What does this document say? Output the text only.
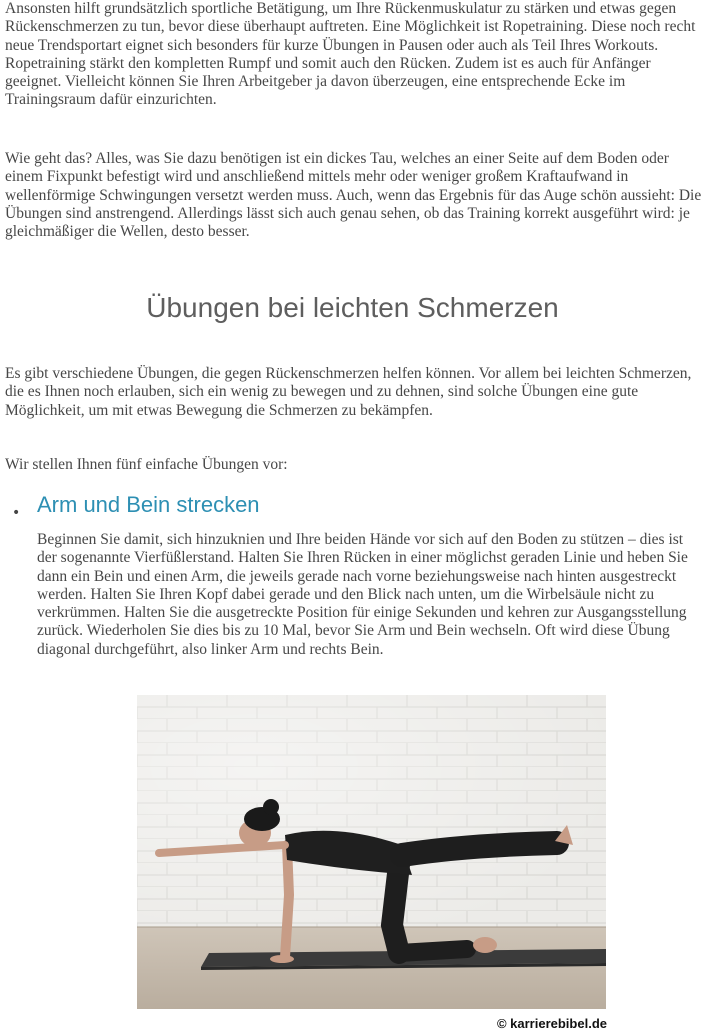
Ansonsten hilft grundsätzlich sportliche Betätigung, um Ihre Rückenmuskulatur zu stärken und etwas gegen Rückenschmerzen zu tun, bevor diese überhaupt auftreten. Eine Möglichkeit ist Ropetraining. Diese noch recht neue Trendsportart eignet sich besonders für kurze Übungen in Pausen oder auch als Teil Ihres Workouts. Ropetraining stärkt den kompletten Rumpf und somit auch den Rücken. Zudem ist es auch für Anfänger geeignet. Vielleicht können Sie Ihren Arbeitgeber ja davon überzeugen, eine entsprechende Ecke im Trainingsraum dafür einzurichten.

Wie geht das? Alles, was Sie dazu benötigen ist ein dickes Tau, welches an einer Seite auf dem Boden oder einem Fixpunkt befestigt wird und anschließend mittels mehr oder weniger großem Kraftaufwand in wellenförmige Schwingungen versetzt werden muss. Auch, wenn das Ergebnis für das Auge schön aussieht: Die Übungen sind anstrengend. Allerdings lässt sich auch genau sehen, ob das Training korrekt ausgeführt wird: je gleichmäßiger die Wellen, desto besser.

Übungen bei leichten Schmerzen

Es gibt verschiedene Übungen, die gegen Rückenschmerzen helfen können. Vor allem bei leichten Schmerzen, die es Ihnen noch erlauben, sich ein wenig zu bewegen und zu dehnen, sind solche Übungen eine gute Möglichkeit, um mit etwas Bewegung die Schmerzen zu bekämpfen.

Wir stellen Ihnen fünf einfache Übungen vor:

• Arm und Bein strecken

Beginnen Sie damit, sich hinzuknien und Ihre beiden Hände vor sich auf den Boden zu stützen – dies ist der sogenannte Vierfüßlerstand. Halten Sie Ihren Rücken in einer möglichst geraden Linie und heben Sie dann ein Bein und einen Arm, die jeweils gerade nach vorne beziehungsweise nach hinten ausgestreckt werden. Halten Sie Ihren Kopf dabei gerade und den Blick nach unten, um die Wirbelsäule nicht zu verkrümmen. Halten Sie die ausgetreckte Position für einige Sekunden und kehren zur Ausgangsstellung zurück. Wiederholen Sie dies bis zu 10 Mal, bevor Sie Arm und Bein wechseln. Oft wird diese Übung diagonal durchgeführt, also linker Arm und rechts Bein.

© karrierebibel.de
